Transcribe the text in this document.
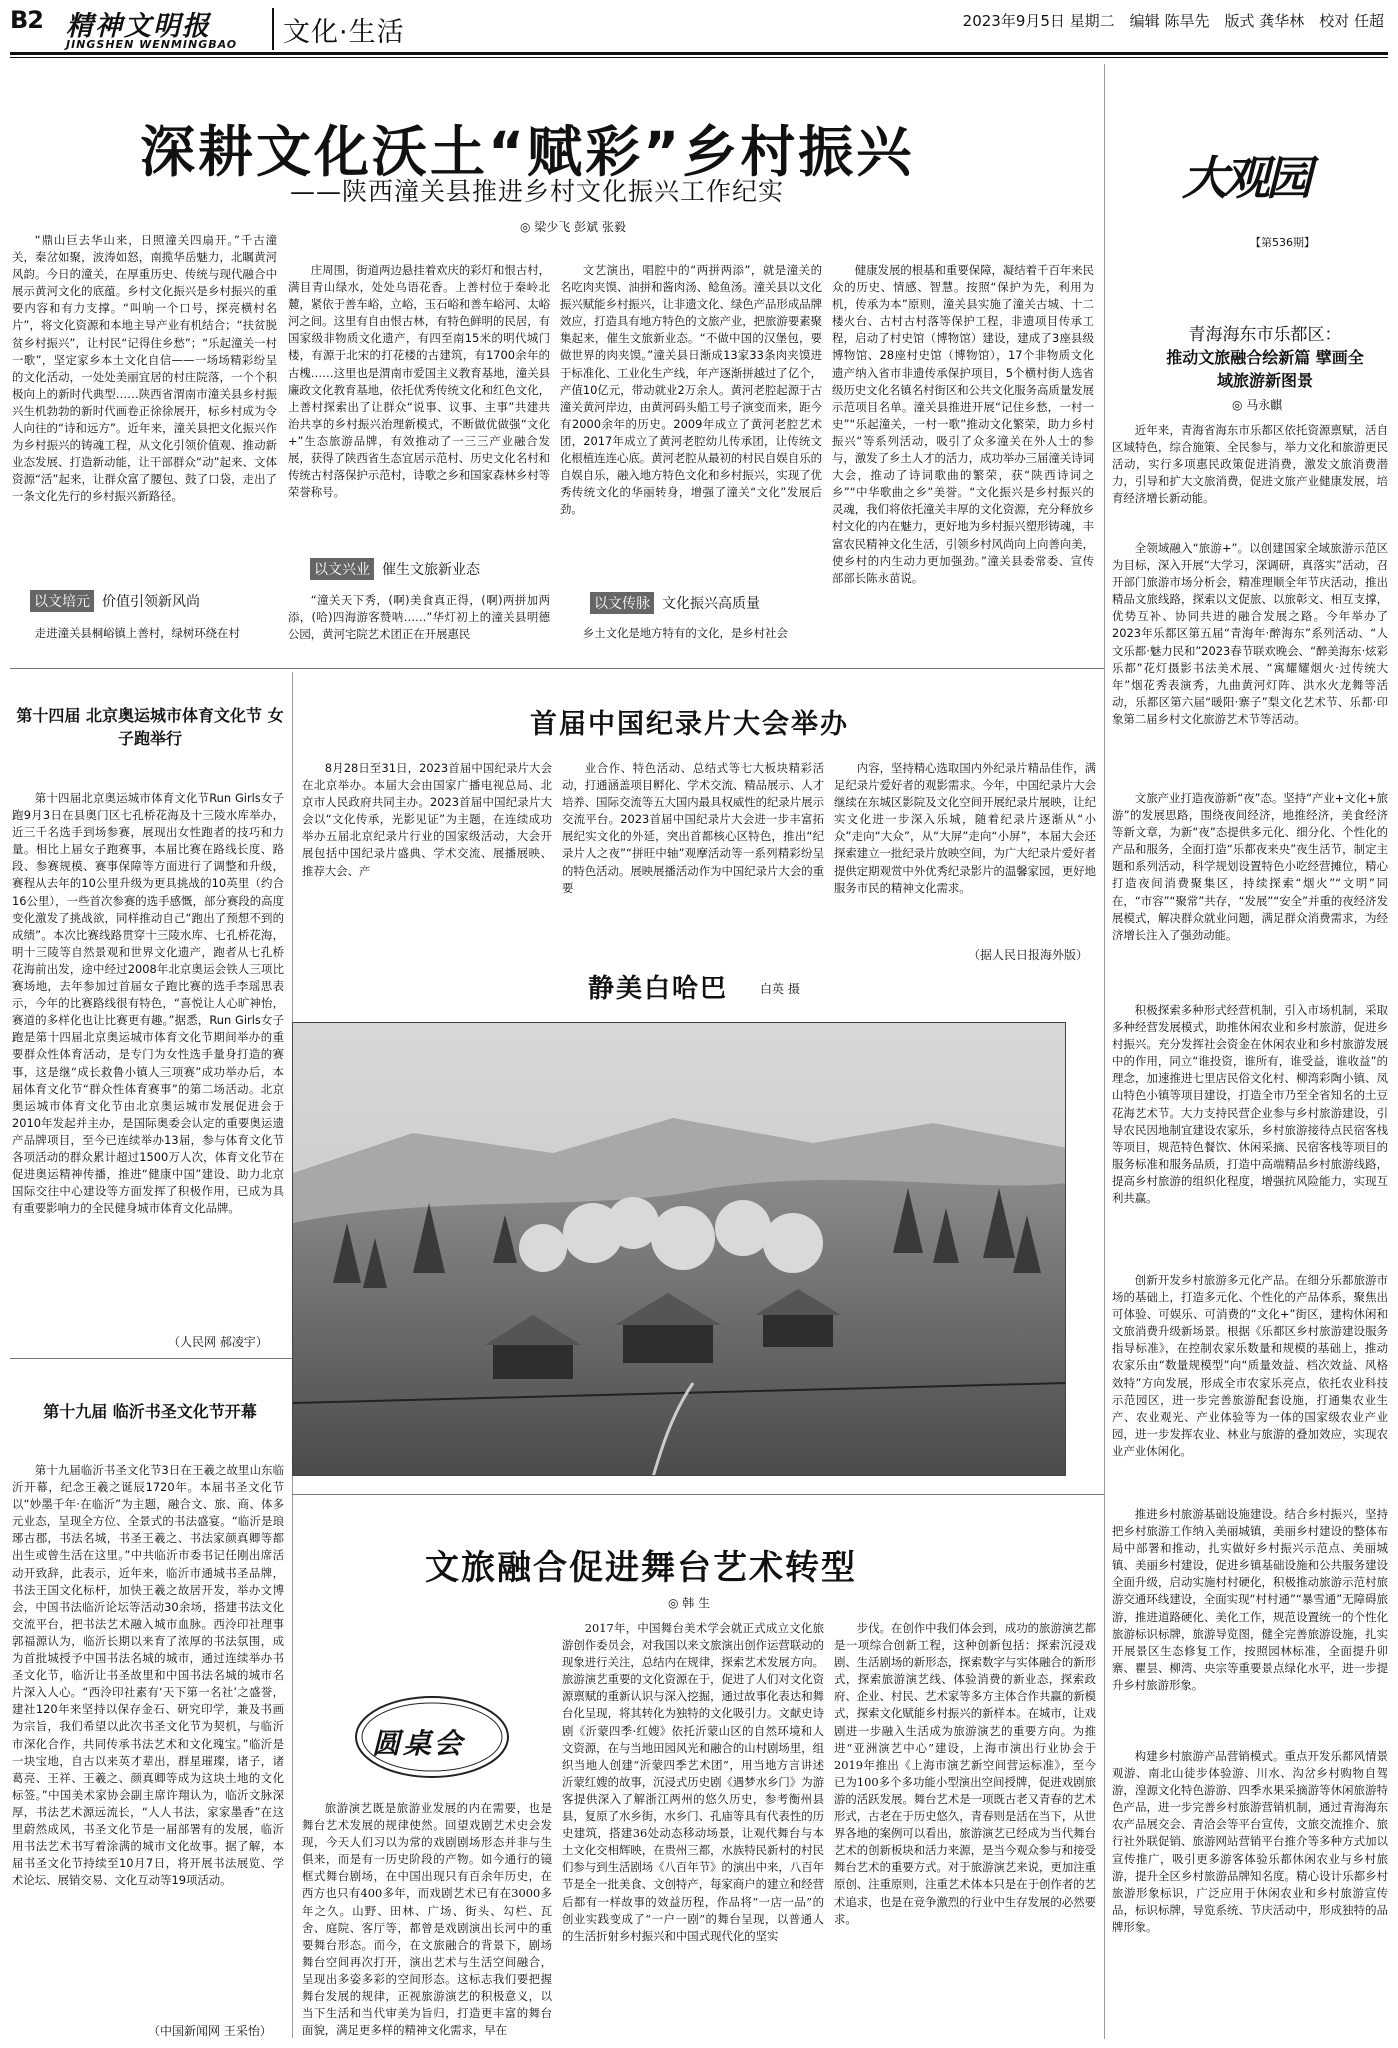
B2 精神文明报
JINGSHEN WENMINGBAO 文化·生活	2023年9月5日 星期二　编辑 陈旱先　版式 龚华林　校对 任超
深耕文化沃土“赋彩”乡村振兴
——陕西潼关县推进乡村文化振兴工作纪实
◎ 梁少飞 彭斌 张毅
“鼎山巨去华山来，日照潼关四扇开。”千古潼关，秦岔如聚，波涛如怒，南揽华岳魅力，北瞩黄河风韵。今日的潼关，在厚重历史、传统与现代融合中展示黄河文化的底蕴。乡村文化振兴是乡村振兴的重要内容和有力支撑。“叫响一个口号，探亮横村名片”，将文化资源和本地主导产业有机结合；“扶贫脱贫乡村振兴”，让村民“记得住乡愁”；“乐起潼关一村一歌”，坚定家乡本土文化自信——一场场精彩纷呈的文化活动，一处处美丽宜居的村庄院落，一个个积极向上的新时代典型……陕西省渭南市潼关县乡村振兴生机勃勃的新时代画卷正徐徐展开，标乡村成为令人向往的“诗和远方”。近年来，潼关县把文化振兴作为乡村振兴的铸魂工程，从文化引领价值观、推动新业态发展、打造新动能，让干部群众“动”起来、文体资源“活”起来，让群众富了腰包、鼓了口袋，走出了一条文化先行的乡村振兴新路径。
以文培元 价值引领新风尚
走进潼关县桐峪镇上善村，绿树环绕在村
庄周围，街道两边悬挂着欢庆的彩灯和恨古村，满目青山绿水，处处乌语花香。上善村位于秦岭北麓，紧依于善车峪，立峪，玉石峪和善车峪河、太峪河之间。这里有自由恨古林，有特色鲜明的民居，有国家级非物质文化遗产，有四至南15米的明代城门楼，有源于北宋的打花楼的古建筑，有1700余年的古槐……这里也是渭南市爱国主义教育基地，潼关县廉政文化教育基地，依托优秀传统文化和红色文化，上善村探索出了让群众“说事、议事、主事”共建共治共享的乡村振兴治理新模式，不断做优做强“文化+”生态旅游品牌，有效推动了一三三产业融合发展，获得了陕西省生态宜居示范村、历史文化名村和传统古村落保护示范村，诗歌之乡和国家森林乡村等荣誉称号。
以文兴业 催生文旅新业态
“潼关天下秀，(啊)美食真正得，(啊)两拼加两添，(哈)四海游客赞呐……”华灯初上的潼关县明德公园，黄河宅院艺术团正在开展惠民
文艺演出，唱腔中的“两拼两添”，就是潼关的名吃肉夹馍、油拼和酱肉汤、鲶鱼汤。潼关县以文化振兴赋能乡村振兴，让非遗文化、绿色产品形成品牌效应，打造具有地方特色的文旅产业，把旅游要素聚集起来，催生文旅新业态。“不做中国的汉堡包，要做世界的肉夹馍。”潼关县日渐成13家33条肉夹馍进于标准化、工业化生产线，年产逐渐拼越过了亿个，产值10亿元，带动就业2万余人。黄河老腔起源于古潼关黄河岸边，由黄河码头船工号子演变而来，距今有2000余年的历史。2009年成立了黄河老腔艺术团，2017年成立了黄河老腔幼儿传承团，让传统文化根植连连心底。黄河老腔从最初的村民自娱自乐的自娱自乐，融入地方特色文化和乡村振兴，实现了优秀传统文化的华丽转身，增强了潼关“文化”发展后劲。
以文传脉 文化振兴高质量
乡土文化是地方特有的文化，是乡村社会
健康发展的根基和重要保障，凝结着千百年来民众的历史、情感、智慧。按照“保护为先，利用为机，传承为本”原则，潼关县实施了潼关古城、十二楼火台、古村古村落等保护工程，非遗项目传承工程，启动了村史馆（博物馆）建设，建成了3座县级博物馆、28座村史馆（博物馆），17个非物质文化遗产纳入省市非遗传承保护项目，5个横村街人选省级历史文化名镇名村街区和公共文化服务高质量发展示范项目名单。潼关县推进开展“记住乡愁，一村一史”“乐起潼关，一村一歌”推动文化繁荣，助力乡村振兴“等系列活动，吸引了众多潼关在外人士的参与，激发了乡土人才的活力，成功举办三届潼关诗词大会，推动了诗词歌曲的繁荣，获“陕西诗词之乡”“中华歌曲之乡”美誉。“文化振兴是乡村振兴的灵魂，我们将依托潼关丰厚的文化资源，充分释放乡村文化的内在魅力，更好地为乡村振兴塑形铸魂，丰富农民精神文化生活，引领乡村风尚向上向善向美，使乡村的内生动力更加强劲。”潼关县委常委、宣传部部长陈永苗说。
大观园
【第536期】
青海海东市乐都区：
推动文旅融合绘新篇 擘画全域旅游新图景
◎ 马永麒
近年来，青海省海东市乐都区依托资源禀赋，活自区域特色，综合施策、全民参与，举力文化和旅游更民活动，实行多项惠民政策促进消费，激发文旅消费潜力，引导和扩大文旅消费，促进文旅产业健康发展，培育经济增长新动能。
全领域融入“旅游+”。以创建国家全域旅游示范区为目标，深入开展“大学习，深调研，真落实”活动，召开部门旅游市场分析会，精准理顺全年节庆活动，推出精品文旅线路，探索以文促旅、以旅彰文、相互支撑，优势互补、协同共进的融合发展之路。今年举办了2023年乐都区第五届“青海年·醉海东”系列活动、“人文乐都·魅力民和”2023春节联欢晚会、“醉美海东·炫彩乐都”花灯摄影书法美术展、“寓耀耀烟火·过传统大年”烟花秀表演秀，九曲黄河灯阵、洪水火龙舞等活动，乐都区第六届“暖阳·寨子”梨文化艺术节、乐都·印象第二届乡村文化旅游艺术节等活动。
文旅产业打造夜游新“夜”态。坚持“产业+文化+旅游”的发展思路，围绕夜间经济，地推经济，美食经济等新文章，为新“夜”态提供多元化、细分化、个性化的产品和服务，全面打造“乐都夜来央”夜生活节，制定主题和系列活动，科学规划设置特色小吃经营摊位，精心打造夜间消费聚集区，持续探索“烟火”“文明”同在，“市容”“聚常”共存，“发展”“安全”并重的夜经济发展模式，解决群众就业问题，满足群众消费需求，为经济增长注入了强劲动能。
积极探索多种形式经营机制，引入市场机制，采取多种经营发展模式，助推休闲农业和乡村旅游，促进乡村振兴。充分发挥社会资金在休闲农业和乡村旅游发展中的作用，同立“谁投资，谁所有，谁受益，谁收益”的理念，加速推进七里店民俗文化村、柳湾彩陶小镇、凤山特色小镇等项目建设，打造全市乃至全省知名的土豆花海艺术节。大力支持民营企业参与乡村旅游建设，引导农民因地制宜建设农家乐，乡村旅游接待点民宿客栈等项目，规范特色餐饮、休闲采摘、民宿客栈等项目的服务标准和服务品质，打造中高端精品乡村旅游线路，提高乡村旅游的组织化程度，增强抗风险能力，实现互利共赢。
创新开发乡村旅游多元化产品。在细分乐都旅游市场的基础上，打造多元化、个性化的产品体系，聚焦出可体验、可娱乐、可消费的“文化+”街区，建构休闲和文旅消费升级新场景。根据《乐都区乡村旅游建设服务指导标准》，在控制农家乐数量和规模的基础上，推动农家乐由“数量规模型”向“质量效益、档次效益、风格效特”方向发展，形成全市农家乐亮点，依托农业科技示范园区，进一步完善旅游配套设施，打通集农业生产、农业观光、产业体验等为一体的国家级农业产业园，进一步发挥农业、林业与旅游的叠加效应，实现农业产业休闲化。
推进乡村旅游基础设施建设。结合乡村振兴，坚持把乡村旅游工作纳入美丽城镇，美丽乡村建设的整体布局中部署和推动，扎实做好乡村振兴示范点、美丽城镇、美丽乡村建设，促进乡镇基础设施和公共服务建设全面升级，启动实施村村硬化，积极推动旅游示范村旅游交通环线建设，全面实现“村村通”“暴雪通”无障碍旅游，推进道路硬化、美化工作，规范设置统一的个性化旅游标识标牌，旅游导览图，健全完善旅游设施，扎实开展景区生态修复工作，按照园林标准，全面提升卯寨、瞿昙、柳湾、央宗等重要景点绿化水平，进一步提升乡村旅游形象。
构建乡村旅游产品营销模式。重点开发乐都风情景观游、南北山徒步体验游、川水、沟岔乡村购物自驾游，湟源文化特色游游、四季水果采摘游等休闲旅游特色产品，进一步完善乡村旅游营销机制，通过青海海东农产品展交会、青洽会等平台宣传，文旅交流推介、旅行社外联促销、旅游网站营销平台推介等多种方式加以宣传推广，吸引更多游客体验乐都休闲农业与乡村旅游，提升全区乡村旅游品牌知名度。精心设计乐都乡村旅游形象标识，广泛应用于休闲农业和乡村旅游宣传品，标识标牌，导览系统、节庆活动中，形成独特的品牌形象。
第十四届 北京奥运城市体育文化节 女子跑举行
第十四届北京奥运城市体育文化节Run Girls女子跑9月3日在县奥门区七孔桥花海及十三陵水库举办，近三千名选手到场参赛，展现出女性跑者的技巧和力量。相比上届女子跑赛事，本届比赛在路线长度、路段、参赛规模、赛事保障等方面进行了调整和升级，赛程从去年的10公里升级为更具挑战的10英里（约合16公里），一些首次参赛的选手感慨，部分赛段的高度变化激发了挑战欲，同样推动自己“跑出了预想不到的成绩”。本次比赛线路贯穿十三陵水库、七孔桥花海，明十三陵等自然景观和世界文化遗产，跑者从七孔桥花海前出发，途中经过2008年北京奥运会铁人三项比赛场地，去年参加过首届女子跑比赛的选手李瑶思表示，今年的比赛路线很有特色，“喜悦让人心旷神怡，赛道的多样化也让比赛更有趣。”据悉，Run Girls女子跑是第十四届北京奥运城市体育文化节期间举办的重要群众性体育活动，是专门为女性选手量身打造的赛事，这是继“成长救鲁小镇人三项赛”成功举办后，本届体育文化节“群众性体育赛事”的第二场活动。北京奥运城市体育文化节由北京奥运城市发展促进会于2010年发起并主办，是国际奥委会认定的重要奥运遗产品牌项目，至今已连续举办13届，参与体育文化节各项活动的群众累计超过1500万人次，体育文化节在促进奥运精神传播，推进“健康中国”建设、助力北京国际交往中心建设等方面发挥了积极作用，已成为具有重要影响力的全民健身城市体育文化品牌。
（人民网 郝凌宇）
第十九届 临沂书圣文化节开幕
第十九届临沂书圣文化节3日在王羲之故里山东临沂开幕，纪念王羲之诞辰1720年。本届书圣文化节以“妙墨千年·在临沂”为主题，融合文、旅、商、体多元业态，呈现全方位、全景式的书法盛宴。“临沂是琅琊古郡，书法名城，书圣王羲之、书法家颜真卿等都出生或曾生活在这里。”中共临沂市委书记任刚出席活动开致辞，此表示，近年来，临沂市通城书圣品牌，书法王国文化标杆，加快王羲之故居开发，举办文博会，中国书法临沂论坛等活动30余场，搭建书法文化交流平台，把书法艺术融入城市血脉。西泠印社理事郭福源认为，临沂长期以来育了浓厚的书法氛围，成为首批城授予中国书法名城的城市，通过连续举办书圣文化节，临沂让书圣故里和中国书法名城的城市名片深入人心。“西泠印社素有‘天下第一名社’之盛誉，建社120年来坚持以保存金石、研究印学，兼及书画为宗旨，我们希望以此次书圣文化节为契机，与临沂市深化合作，共同传承书法艺术和文化瑰宝。”临沂是一块宝地，自古以来英才辈出，群星璀璨，诸子，诸葛亮、王祥、王羲之、颜真卿等成为这块土地的文化标签。”中国美术家协会副主席许翔认为，临沂文脉深厚，书法艺术源远流长，“人人书法，家家墨香”在这里蔚然成风，书圣文化节是一届部署有的发展，临沂用书法艺术书写着涂满的城市文化故事。据了解，本届书圣文化节持续至10月7日，将开展书法展览、学术论坛、展销交易、文化互动等19项活动。
（中国新闻网 王采怡）
首届中国纪录片大会举办
8月28日至31日，2023首届中国纪录片大会在北京举办。本届大会由国家广播电视总局、北京市人民政府共同主办。2023首届中国纪录片大会以“文化传承，光影见证”为主题，在连续成功举办五届北京纪录片行业的国家级活动，大会开展包括中国纪录片盛典、学术交流、展播展映、推荐大会、产
业合作、特色活动、总结式等七大板块精彩活动，打通涵盖项目孵化、学术交流、精品展示、人才培养、国际交流等五大国内最具权威性的纪录片展示交流平台。2023首届中国纪录片大会进一步丰富拓展纪实文化的外延，突出首都核心区特色，推出“纪录片人之夜”“拼旺中轴”观摩活动等一系列精彩纷呈的特色活动。展映展播活动作为中国纪录片大会的重要
内容，坚持精心选取国内外纪录片精品佳作，满足纪录片爱好者的观影需求。今年，中国纪录片大会继续在东城区影院及文化空间开展纪录片展映，让纪实文化进一步深入乐城，随着纪录片逐渐从“小众”走向“大众”，从“大屏”走向“小屏”，本届大会还探索建立一批纪录片放映空间，为广大纪录片爱好者提供定期观赏中外优秀纪录影片的温馨家园，更好地服务市民的精神文化需求。
（据人民日报海外版）
静美白哈巴	白英 摄
文旅融合促进舞台艺术转型
◎ 韩 生
圆桌会
旅游演艺既是旅游业发展的内在需要，也是舞台艺术发展的规律使然。回望戏剧艺术史会发现，今天人们习以为常的戏剧剧场形态并非与生俱来，而是有一历史阶段的产物。如今通行的镜框式舞台剧场，在中国出现只有百余年历史，在西方也只有400多年，而戏剧艺术已有在3000多年之久。山野、田林、广场、街头、勾栏、瓦舍、庭院、客厅等，都曾是戏剧演出长河中的重要舞台形态。而今，在文旅融合的背景下，剧场舞台空间再次打开，演出艺术与生活空间融合，呈现出多姿多彩的空间形态。这标志我们要把握舞台发展的规律，正视旅游演艺的积极意义，以当下生活和当代审美为旨归，打造更丰富的舞台面貌，满足更多样的精神文化需求，早在
2017年，中国舞台美术学会就正式成立文化旅游创作委员会，对我国以来文旅演出创作运营联动的现象进行关注，总结内在规律，探索艺术发展方向。旅游演艺重要的文化资源在于，促进了人们对文化资源禀赋的重新认识与深入挖掘，通过故事化表达和舞台化呈现，将其转化为独特的文化吸引力。文献史诗剧《沂蒙四季·红嫂》依托沂蒙山区的自然环境和人文资源，在与当地田园风光和融合的山村剧场里，组织当地人创建“沂蒙四季艺术团”，用当地方言讲述沂蒙红嫂的故事，沉浸式历史剧《遇梦水乡门》为游客提供深入了解浙江两州的悠久历史，参考衡州县县，复原了水乡街，水乡门、孔庙等具有代表性的历史建筑，搭建36处动态移动场景，让观代舞台与本土文化交相辉映，在贵州三都，水族特民新村的村民们参与到生活剧场《八百年节》的演出中来，八百年节是全一批美食、文创特产，每家商户的建立和经营后都有一样故事的效益历程，作品将“一店一品”的创业实践变成了“一户一剧”的舞台呈现，以普通人的生活折射乡村振兴和中国式现代化的坚实
步伐。在创作中我们体会到，成功的旅游演艺都是一项综合创新工程，这种创新包括：探索沉浸戏剧、生活剧场的新形态，探索数字与实体融合的新形式，探索旅游演艺线、体验消费的新业态，探索政府、企业、村民、艺术家等多方主体合作共赢的新模式，探索文化赋能乡村振兴的新样本。在城市，让戏剧进一步融入生活成为旅游演艺的重要方向。为推进“亚洲演艺中心”建设，上海市演出行业协会于2019年推出《上海市演艺新空间营运标准》，至今已为100多个多功能小型演出空间授牌，促进戏剧旅游的活跃发展。舞台艺术是一项既古老又青春的艺术形式，古老在于历史悠久，青春则是活在当下，从世界各地的案例可以看出，旅游演艺已经成为当代舞台艺术的创新板块和活力来源，是当今观众参与和接受舞台艺术的重要方式。对于旅游演艺来说，更加注重原创、注重原则，注重艺术体本只是在于创作者的艺术追求，也是在竞争激烈的行业中生存发展的必然要求。
